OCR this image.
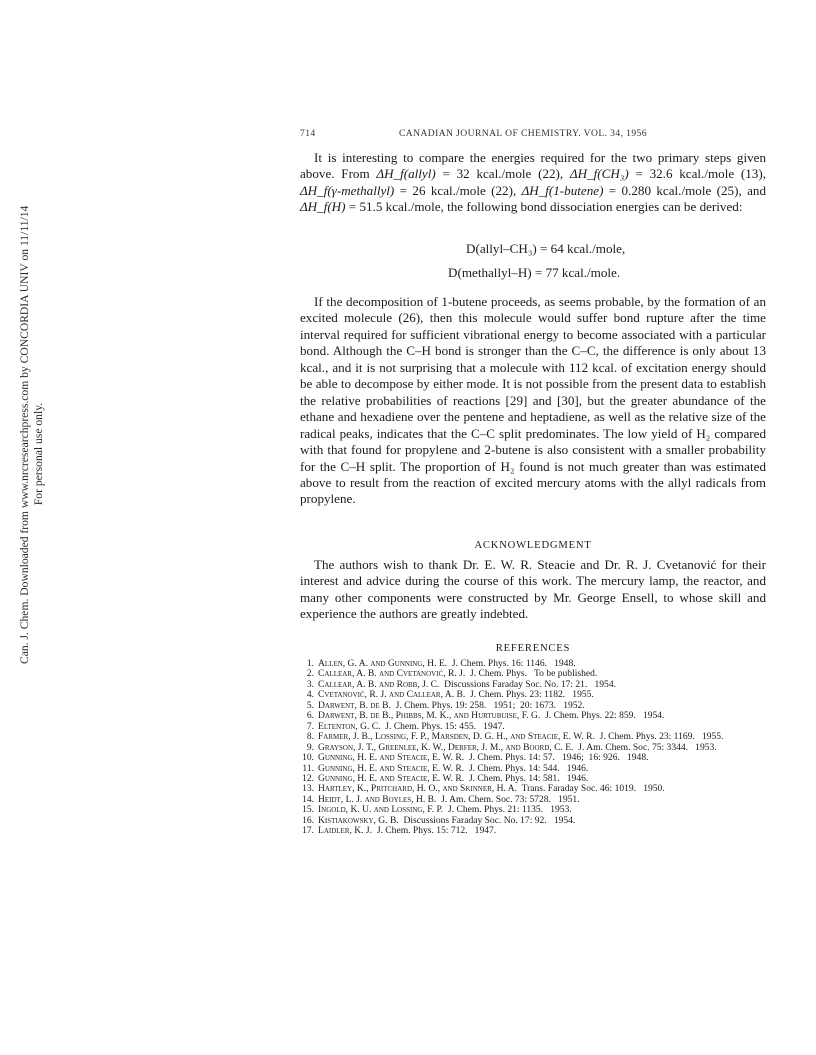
Can. J. Chem. Downloaded from www.nrcresearchpress.com by CONCORDIA UNIV on 11/11/14 For personal use only.
714	CANADIAN JOURNAL OF CHEMISTRY. VOL. 34, 1956

It is interesting to compare the energies required for the two primary steps given above. From ΔH_f(allyl) = 32 kcal./mole (22), ΔH_f(CH₃) = 32.6 kcal./mole (13), ΔH_f(γ-methallyl) = 26 kcal./mole (22), ΔH_f(1-butene) = 0.280 kcal./mole (25), and ΔH_f(H) = 51.5 kcal./mole, the following bond dissociation energies can be derived:

D(allyl–CH₃) = 64 kcal./mole,
D(methallyl–H) = 77 kcal./mole.

If the decomposition of 1-butene proceeds, as seems probable, by the formation of an excited molecule (26), then this molecule would suffer bond rupture after the time interval required for sufficient vibrational energy to become associated with a particular bond. Although the C–H bond is stronger than the C–C, the difference is only about 13 kcal., and it is not surprising that a molecule with 112 kcal. of excitation energy should be able to decompose by either mode. It is not possible from the present data to establish the relative probabilities of reactions [29] and [30], but the greater abundance of the ethane and hexadiene over the pentene and heptadiene, as well as the relative size of the radical peaks, indicates that the C–C split predominates. The low yield of H₂ compared with that found for propylene and 2-butene is also consistent with a smaller probability for the C–H split. The proportion of H₂ found is not much greater than was estimated above to result from the reaction of excited mercury atoms with the allyl radicals from propylene.

ACKNOWLEDGMENT

The authors wish to thank Dr. E. W. R. Steacie and Dr. R. J. Cvetanović for their interest and advice during the course of this work. The mercury lamp, the reactor, and many other components were constructed by Mr. George Ensell, to whose skill and experience the authors are greatly indebted.

REFERENCES
1. Allen, G. A. and Gunning, H. E.  J. Chem. Phys. 16: 1146.   1948.
2. Callear, A. B. and Cvetanović, R. J.  J. Chem. Phys.   To be published.
3. Callear, A. B. and Robb, J. C.  Discussions Faraday Soc. No. 17: 21.   1954.
4. Cvetanović, R. J. and Callear, A. B.  J. Chem. Phys. 23: 1182.   1955.
5. Darwent, B. de B.  J. Chem. Phys. 19: 258.   1951;  20: 1673.   1952.
6. Darwent, B. de B., Phibbs, M. K., and Hurtubuise, F. G.  J. Chem. Phys. 22: 859.   1954.
7. Eltenton, G. C.  J. Chem. Phys. 15: 455.   1947.
8. Farmer, J. B., Lossing, F. P., Marsden, D. G. H., and Steacie, E. W. R.  J. Chem. Phys. 23: 1169.   1955.
9. Grayson, J. T., Greenlee, K. W., Derfer, J. M., and Boord, C. E.  J. Am. Chem. Soc. 75: 3344.   1953.
10. Gunning, H. E. and Steacie, E. W. R.  J. Chem. Phys. 14: 57.   1946;  16: 926.   1948.
11. Gunning, H. E. and Steacie, E. W. R.  J. Chem. Phys. 14: 544.   1946.
12. Gunning, H. E. and Steacie, E. W. R.  J. Chem. Phys. 14: 581.   1946.
13. Hartley, K., Pritchard, H. O., and Skinner, H. A.  Trans. Faraday Soc. 46: 1019.   1950.
14. Heidt, L. J. and Boyles, H. B.  J. Am. Chem. Soc. 73: 5728.   1951.
15. Ingold, K. U. and Lossing, F. P.  J. Chem. Phys. 21: 1135.   1953.
16. Kistiakowsky, G. B.  Discussions Faraday Soc. No. 17: 92.   1954.
17. Laidler, K. J.  J. Chem. Phys. 15: 712.   1947.
